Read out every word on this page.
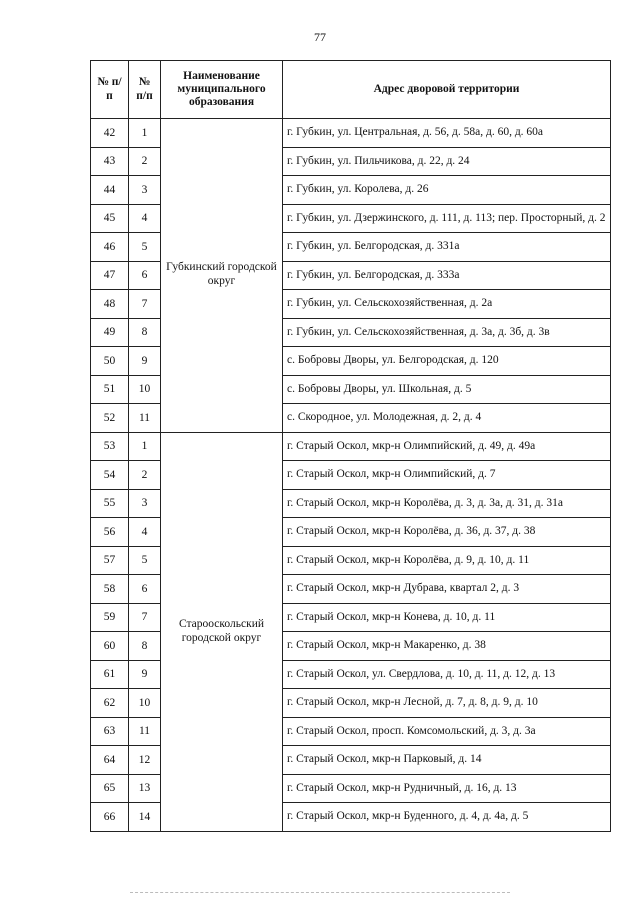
77
№ п/п	№ п/п	Наименование муниципального образования	Адрес дворовой территории
42	1	Губкинский городской округ	г. Губкин, ул. Центральная, д. 56, д. 58а, д. 60, д. 60а
43	2		г. Губкин, ул. Пильчикова, д. 22, д. 24
44	3		г. Губкин, ул. Королева, д. 26
45	4		г. Губкин, ул. Дзержинского, д. 111, д. 113; пер. Просторный, д. 2
46	5		г. Губкин, ул. Белгородская, д. 331а
47	6		г. Губкин, ул. Белгородская, д. 333а
48	7		г. Губкин, ул. Сельскохозяйственная, д. 2а
49	8		г. Губкин, ул. Сельскохозяйственная, д. 3а, д. 3б, д. 3в
50	9		с. Бобровы Дворы, ул. Белгородская, д. 120
51	10		с. Бобровы Дворы, ул. Школьная, д. 5
52	11		с. Скородное, ул. Молодежная, д. 2, д. 4
53	1	Старооскольский городской округ	г. Старый Оскол, мкр-н Олимпийский, д. 49, д. 49а
54	2		г. Старый Оскол, мкр-н Олимпийский, д. 7
55	3		г. Старый Оскол, мкр-н Королёва, д. 3, д. 3а, д. 31, д. 31а
56	4		г. Старый Оскол, мкр-н Королёва, д. 36, д. 37, д. 38
57	5		г. Старый Оскол, мкр-н Королёва, д. 9, д. 10, д. 11
58	6		г. Старый Оскол, мкр-н Дубрава, квартал 2, д. 3
59	7		г. Старый Оскол, мкр-н Конева, д. 10, д. 11
60	8		г. Старый Оскол, мкр-н Макаренко, д. 38
61	9		г. Старый Оскол, ул. Свердлова, д. 10, д. 11, д. 12, д. 13
62	10		г. Старый Оскол, мкр-н Лесной, д. 7, д. 8, д. 9, д. 10
63	11		г. Старый Оскол, просп. Комсомольский, д. 3, д. 3а
64	12		г. Старый Оскол, мкр-н Парковый, д. 14
65	13		г. Старый Оскол, мкр-н Рудничный, д. 16, д. 13
66	14		г. Старый Оскол, мкр-н Буденного, д. 4, д. 4а, д. 5
